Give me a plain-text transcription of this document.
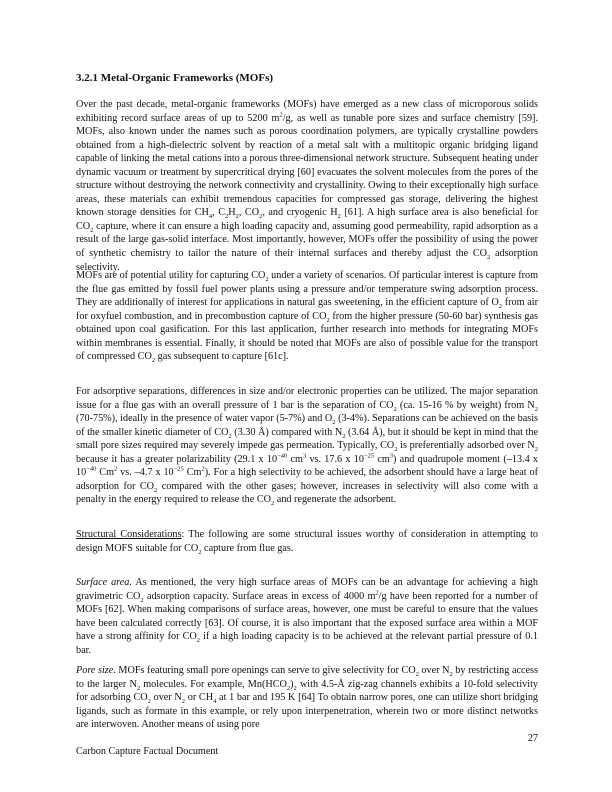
3.2.1 Metal-Organic Frameworks (MOFs)

Over the past decade, metal-organic frameworks (MOFs) have emerged as a new class of microporous solids exhibiting record surface areas of up to 5200 $m^2/g$, as well as tunable pore sizes and surface chemistry [59]. MOFs, also known under the names such as porous coordination polymers, are typically crystalline powders obtained from a high-dielectric solvent by reaction of a metal salt with a multitopic organic bridging ligand capable of linking the metal cations into a porous three-dimensional network structure. Subsequent heating under dynamic vacuum or treatment by supercritical drying [60] evacuates the solvent molecules from the pores of the structure without destroying the network connectivity and crystallinity. Owing to their exceptionally high surface areas, these materials can exhibit tremendous capacities for compressed gas storage, delivering the highest known storage densities for $CH_4$, $C_2H_2$, $CO_2$, and cryogenic $H_2$ [61]. A high surface area is also beneficial for $CO_2$ capture, where it can ensure a high loading capacity and, assuming good permeability, rapid adsorption as a result of the large gas-solid interface. Most importantly, however, MOFs offer the possibility of using the power of synthetic chemistry to tailor the nature of their internal surfaces and thereby adjust the $CO_2$ adsorption selectivity.

MOFs are of potential utility for capturing $CO_2$ under a variety of scenarios. Of particular interest is capture from the flue gas emitted by fossil fuel power plants using a pressure and/or temperature swing adsorption process. They are additionally of interest for applications in natural gas sweetening, in the efficient capture of $O_2$ from air for oxyfuel combustion, and in precombustion capture of $CO_2$ from the higher pressure (50-60 bar) synthesis gas obtained upon coal gasification. For this last application, further research into methods for integrating MOFs within membranes is essential. Finally, it should be noted that MOFs are also of possible value for the transport of compressed $CO_2$ gas subsequent to capture [61c].

For adsorptive separations, differences in size and/or electronic properties can be utilized. The major separation issue for a flue gas with an overall pressure of 1 bar is the separation of $CO_2$ (ca. 15-16 % by weight) from $N_2$ (70-75%), ideally in the presence of water vapor (5-7%) and $O_2$ (3-4%). Separations can be achieved on the basis of the smaller kinetic diameter of $CO_2$ (3.30 Å) compared with $N_2$ (3.64 Å), but it should be kept in mind that the small pore sizes required may severely impede gas permeation. Typically, $CO_2$ is preferentially adsorbed over $N_2$ because it has a greater polarizability (29.1 x $10^{-40}$ $cm^3$ vs. 17.6 x $10^{-25}$ $cm^3$) and quadrupole moment (–13.4 x $10^{-40}$ Cm$^2$ vs. –4.7 x $10^{-25}$ Cm$^2$). For a high selectivity to be achieved, the adsorbent should have a large heat of adsorption for $CO_2$ compared with the other gases; however, increases in selectivity will also come with a penalty in the energy required to release the $CO_2$ and regenerate the adsorbent.

Structural Considerations: The following are some structural issues worthy of consideration in attempting to design MOFS suitable for $CO_2$ capture from flue gas.

Surface area. As mentioned, the very high surface areas of MOFs can be an advantage for achieving a high gravimetric $CO_2$ adsorption capacity. Surface areas in excess of 4000 $m^2/g$ have been reported for a number of MOFs [62]. When making comparisons of surface areas, however, one must be careful to ensure that the values have been calculated correctly [63]. Of course, it is also important that the exposed surface area within a MOF have a strong affinity for $CO_2$ if a high loading capacity is to be achieved at the relevant partial pressure of 0.1 bar.

Pore size. MOFs featuring small pore openings can serve to give selectivity for $CO_2$ over $N_2$ by restricting access to the larger $N_2$ molecules. For example, $Mn(HCO_2)_2$ with 4.5-Å zig-zag channels exhibits a 10-fold selectivity for adsorbing $CO_2$ over $N_2$ or $CH_4$ at 1 bar and 195 K [64] To obtain narrow pores, one can utilize short bridging ligands, such as formate in this example, or rely upon interpenetration, wherein two or more distinct networks are interwoven. Another means of using pore

27
Carbon Capture Factual Document
